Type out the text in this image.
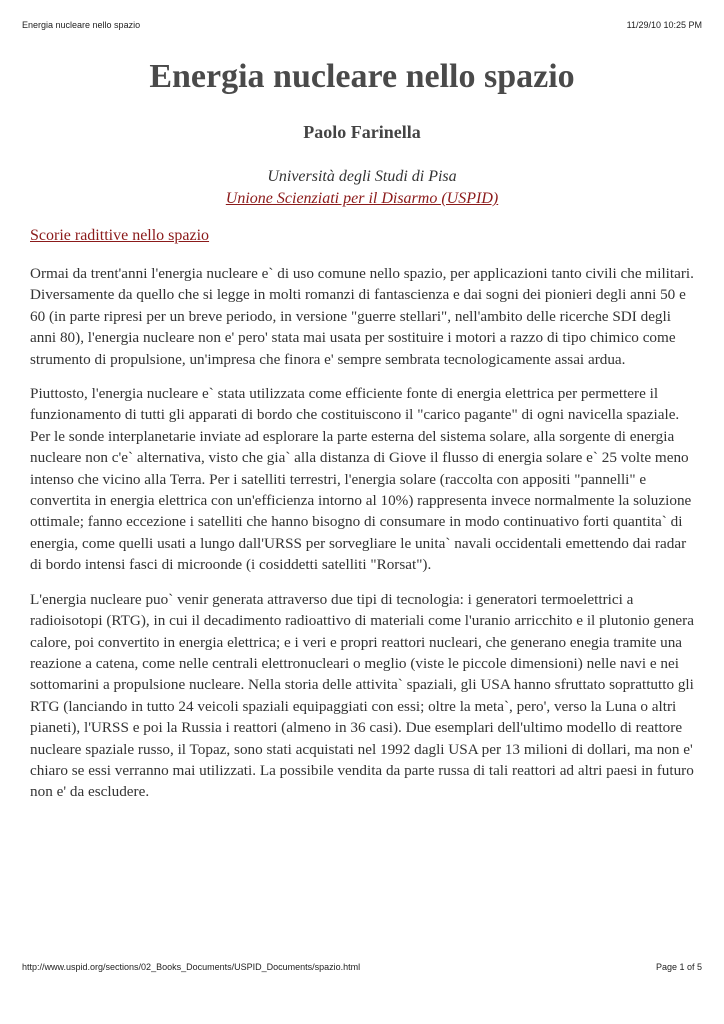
Energia nucleare nello spazio	11/29/10 10:25 PM
Energia nucleare nello spazio
Paolo Farinella
Università degli Studi di Pisa
Unione Scienziati per il Disarmo (USPID)
Scorie radittive nello spazio

Ormai da trent'anni l'energia nucleare e` di uso comune nello spazio, per applicazioni tanto civili che militari. Diversamente da quello che si legge in molti romanzi di fantascienza e dai sogni dei pionieri degli anni 50 e 60 (in parte ripresi per un breve periodo, in versione "guerre stellari", nell'ambito delle ricerche SDI degli anni 80), l'energia nucleare non e' pero' stata mai usata per sostituire i motori a razzo di tipo chimico come strumento di propulsione, un'impresa che finora e' sempre sembrata tecnologicamente assai ardua.

Piuttosto, l'energia nucleare e` stata utilizzata come efficiente fonte di energia elettrica per permettere il funzionamento di tutti gli apparati di bordo che costituiscono il "carico pagante" di ogni navicella spaziale. Per le sonde interplanetarie inviate ad esplorare la parte esterna del sistema solare, alla sorgente di energia nucleare non c'e` alternativa, visto che gia` alla distanza di Giove il flusso di energia solare e` 25 volte meno intenso che vicino alla Terra. Per i satelliti terrestri, l'energia solare (raccolta con appositi "pannelli" e convertita in energia elettrica con un'efficienza intorno al 10%) rappresenta invece normalmente la soluzione ottimale; fanno eccezione i satelliti che hanno bisogno di consumare in modo continuativo forti quantita` di energia, come quelli usati a lungo dall'URSS per sorvegliare le unita` navali occidentali emettendo dai radar di bordo intensi fasci di microonde (i cosiddetti satelliti "Rorsat").

L'energia nucleare puo` venir generata attraverso due tipi di tecnologia: i generatori termoelettrici a radioisotopi (RTG), in cui il decadimento radioattivo di materiali come l'uranio arricchito e il plutonio genera calore, poi convertito in energia elettrica; e i veri e propri reattori nucleari, che generano enegia tramite una reazione a catena, come nelle centrali elettronucleari o meglio (viste le piccole dimensioni) nelle navi e nei sottomarini a propulsione nucleare. Nella storia delle attivita` spaziali, gli USA hanno sfruttato soprattutto gli RTG (lanciando in tutto 24 veicoli spaziali equipaggiati con essi; oltre la meta`, pero', verso la Luna o altri pianeti), l'URSS e poi la Russia i reattori (almeno in 36 casi). Due esemplari dell'ultimo modello di reattore nucleare spaziale russo, il Topaz, sono stati acquistati nel 1992 dagli USA per 13 milioni di dollari, ma non e' chiaro se essi verranno mai utilizzati. La possibile vendita da parte russa di tali reattori ad altri paesi in futuro non e' da escludere.

http://www.uspid.org/sections/02_Books_Documents/USPID_Documents/spazio.html	Page 1 of 5
